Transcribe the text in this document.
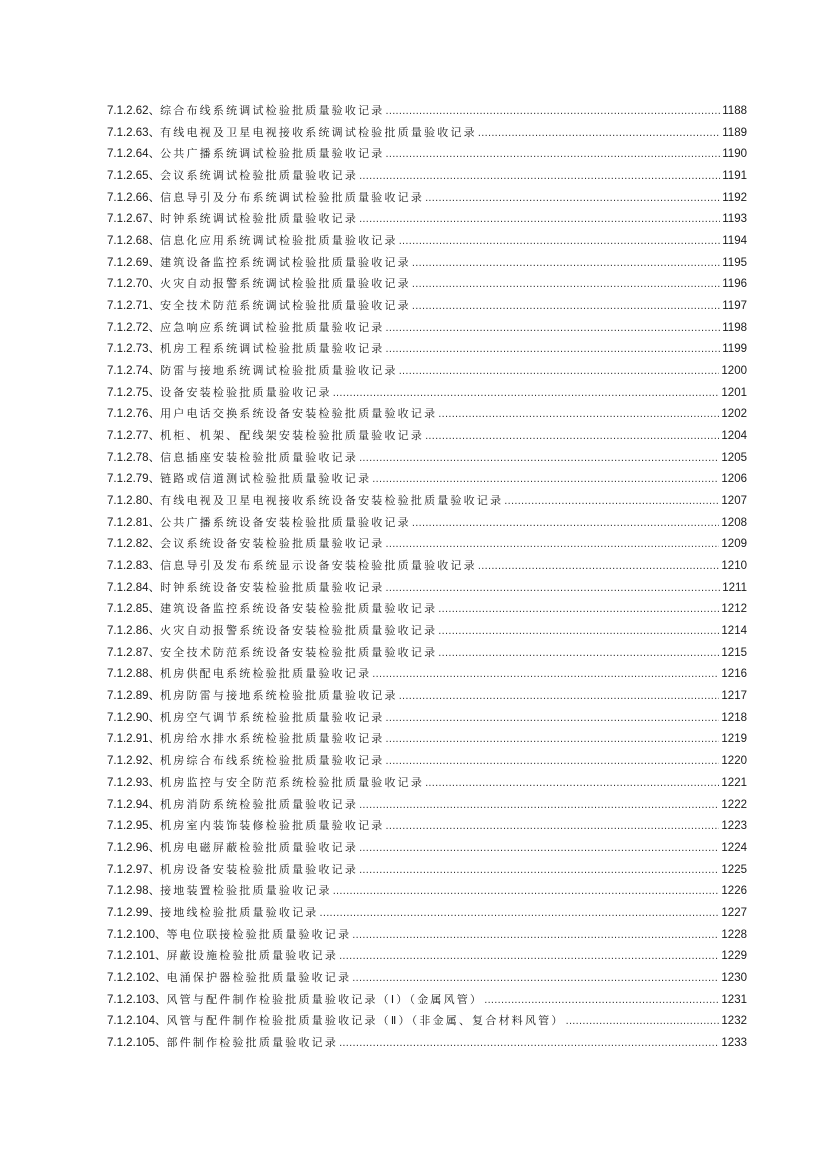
7.1.2.62、 综合布线系统调试检验批质量验收记录 .....	1188
7.1.2.63、 有线电视及卫星电视接收系统调试检验批质量验收记录 .....	1189
7.1.2.64、 公共广播系统调试检验批质量验收记录 .....	1190
7.1.2.65、 会议系统调试检验批质量验收记录 .....	1191
7.1.2.66、 信息导引及分布系统调试检验批质量验收记录 .....	1192
7.1.2.67、 时钟系统调试检验批质量验收记录 .....	1193
7.1.2.68、 信息化应用系统调试检验批质量验收记录 .....	1194
7.1.2.69、 建筑设备监控系统调试检验批质量验收记录 .....	1195
7.1.2.70、 火灾自动报警系统调试检验批质量验收记录 .....	1196
7.1.2.71、 安全技术防范系统调试检验批质量验收记录 .....	1197
7.1.2.72、 应急响应系统调试检验批质量验收记录 .....	1198
7.1.2.73、 机房工程系统调试检验批质量验收记录 .....	1199
7.1.2.74、 防雷与接地系统调试检验批质量验收记录 .....	1200
7.1.2.75、 设备安装检验批质量验收记录 .....	1201
7.1.2.76、 用户电话交换系统设备安装检验批质量验收记录 .....	1202
7.1.2.77、 机柜、机架、配线架安装检验批质量验收记录 .....	1204
7.1.2.78、 信息插座安装检验批质量验收记录 .....	1205
7.1.2.79、 链路或信道测试检验批质量验收记录 .....	1206
7.1.2.80、 有线电视及卫星电视接收系统设备安装检验批质量验收记录 .....	1207
7.1.2.81、 公共广播系统设备安装检验批质量验收记录 .....	1208
7.1.2.82、 会议系统设备安装检验批质量验收记录 .....	1209
7.1.2.83、 信息导引及发布系统显示设备安装检验批质量验收记录 .....	1210
7.1.2.84、 时钟系统设备安装检验批质量验收记录 .....	1211
7.1.2.85、 建筑设备监控系统设备安装检验批质量验收记录 .....	1212
7.1.2.86、 火灾自动报警系统设备安装检验批质量验收记录 .....	1214
7.1.2.87、 安全技术防范系统设备安装检验批质量验收记录 .....	1215
7.1.2.88、 机房供配电系统检验批质量验收记录 .....	1216
7.1.2.89、 机房防雷与接地系统检验批质量验收记录 .....	1217
7.1.2.90、 机房空气调节系统检验批质量验收记录 .....	1218
7.1.2.91、 机房给水排水系统检验批质量验收记录 .....	1219
7.1.2.92、 机房综合布线系统检验批质量验收记录 .....	1220
7.1.2.93、 机房监控与安全防范系统检验批质量验收记录 .....	1221
7.1.2.94、 机房消防系统检验批质量验收记录 .....	1222
7.1.2.95、 机房室内装饰装修检验批质量验收记录 .....	1223
7.1.2.96、 机房电磁屏蔽检验批质量验收记录 .....	1224
7.1.2.97、 机房设备安装检验批质量验收记录 .....	1225
7.1.2.98、 接地装置检验批质量验收记录 .....	1226
7.1.2.99、 接地线检验批质量验收记录 .....	1227
7.1.2.100、 等电位联接检验批质量验收记录 .....	1228
7.1.2.101、 屏蔽设施检验批质量验收记录 .....	1229
7.1.2.102、 电涌保护器检验批质量验收记录 .....	1230
7.1.2.103、 风管与配件制作检验批质量验收记录（Ⅰ）（金属风管） .....	1231
7.1.2.104、 风管与配件制作检验批质量验收记录（Ⅱ）（非金属、复合材料风管） .....	1232
7.1.2.105、 部件制作检验批质量验收记录 .....	1233
